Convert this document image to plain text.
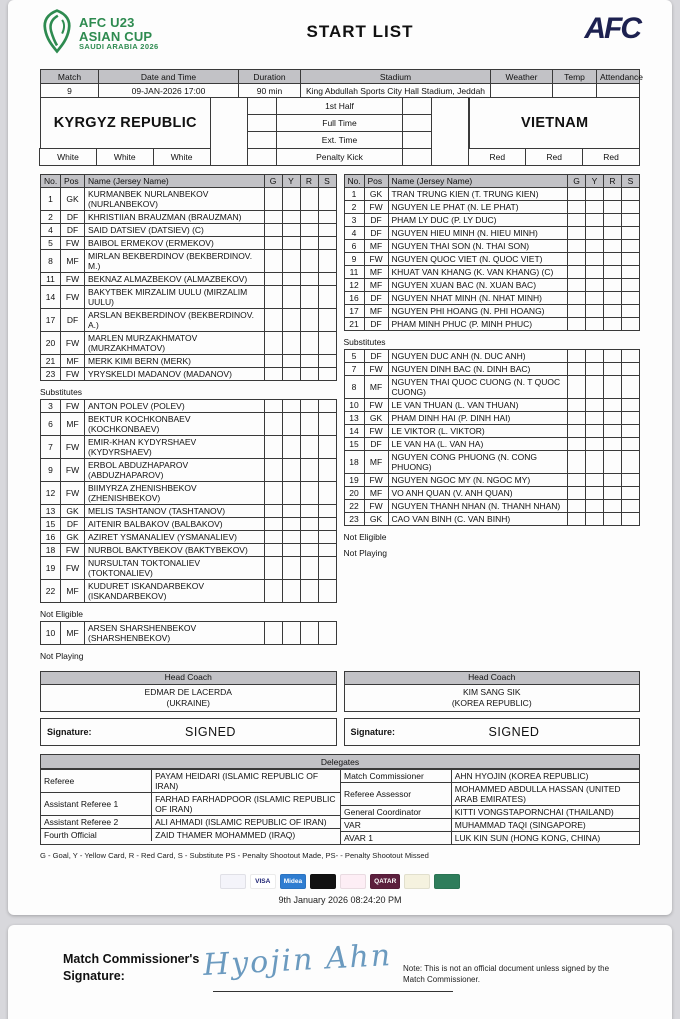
AFC U23
ASIAN CUP
SAUDI ARABIA 2026
START LIST	AFC
Match	Date and Time	Duration	Stadium	Weather	Temp	Attendance
9	09-JAN-2026 17:00	90 min	King Abdullah Sports City Hall Stadium, Jeddah			
KYRGYZ REPUBLIC
White	White	White
1st Half
Full Time
Ext. Time
Penalty Kick
VIETNAM
Red	Red	Red
No.	Pos	Name (Jersey Name)	G	Y	R	S
1	GK	KURMANBEK NURLANBEKOV (NURLANBEKOV)				
2	DF	KHRISTIIAN BRAUZMAN (BRAUZMAN)				
4	DF	SAID DATSIEV (DATSIEV) (C)				
5	FW	BAIBOL ERMEKOV (ERMEKOV)				
8	MF	MIRLAN BEKBERDINOV (BEKBERDINOV. M.)				
11	FW	BEKNAZ ALMAZBEKOV (ALMAZBEKOV)				
14	FW	BAKYTBEK MIRZALIM UULU (MIRZALIM UULU)				
17	DF	ARSLAN BEKBERDINOV (BEKBERDINOV. A.)				
20	FW	MARLEN MURZAKHMATOV (MURZAKHMATOV)				
21	MF	MERK KIMI BERN (MERK)				
23	FW	YRYSKELDI MADANOV (MADANOV)				
Substitutes
3	FW	ANTON POLEV (POLEV)				
6	MF	BEKTUR KOCHKONBAEV (KOCHKONBAEV)				
7	FW	EMIR-KHAN KYDYRSHAEV (KYDYRSHAEV)				
9	FW	ERBOL ABDUZHAPAROV (ABDUZHAPAROV)				
12	FW	BIIMYRZA ZHENISHBEKOV (ZHENISHBEKOV)				
13	GK	MELIS TASHTANOV (TASHTANOV)				
15	DF	AITENIR BALBAKOV (BALBAKOV)				
16	GK	AZIRET YSMANALIEV (YSMANALIEV)				
18	FW	NURBOL BAKTYBEKOV (BAKTYBEKOV)				
19	FW	NURSULTAN TOKTONALIEV (TOKTONALIEV)				
22	MF	KUDURET ISKANDARBEKOV (ISKANDARBEKOV)				
Not Eligible
10	MF	ARSEN SHARSHENBEKOV (SHARSHENBEKOV)				
Not Playing
No.	Pos	Name (Jersey Name)	G	Y	R	S
1	GK	TRAN TRUNG KIEN (T. TRUNG KIEN)				
2	FW	NGUYEN LE PHAT (N. LE PHAT)				
3	DF	PHAM LY DUC (P. LY DUC)				
4	DF	NGUYEN HIEU MINH (N. HIEU MINH)				
6	MF	NGUYEN THAI SON (N. THAI SON)				
9	FW	NGUYEN QUOC VIET (N. QUOC VIET)				
11	MF	KHUAT VAN KHANG (K. VAN KHANG) (C)				
12	MF	NGUYEN XUAN BAC (N. XUAN BAC)				
16	DF	NGUYEN NHAT MINH (N. NHAT MINH)				
17	MF	NGUYEN PHI HOANG (N. PHI HOANG)				
21	DF	PHAM MINH PHUC (P. MINH PHUC)				
Substitutes
5	DF	NGUYEN DUC ANH (N. DUC ANH)				
7	FW	NGUYEN DINH BAC (N. DINH BAC)				
8	MF	NGUYEN THAI QUOC CUONG (N. T QUOC CUONG)				
10	FW	LE VAN THUAN (L. VAN THUAN)				
13	GK	PHAM DINH HAI (P. DINH HAI)				
14	FW	LE VIKTOR (L. VIKTOR)				
15	DF	LE VAN HA (L. VAN HA)				
18	MF	NGUYEN CONG PHUONG (N. CONG PHUONG)				
19	FW	NGUYEN NGOC MY (N. NGOC MY)				
20	MF	VO ANH QUAN (V. ANH QUAN)				
22	FW	NGUYEN THANH NHAN (N. THANH NHAN)				
23	GK	CAO VAN BINH (C. VAN BINH)				
Not Eligible
Not Playing
Head Coach
EDMAR DE LACERDA
(UKRAINE)
Head Coach
KIM SANG SIK
(KOREA REPUBLIC)
Signature:	SIGNED	Signature:	SIGNED
Delegates
Referee	PAYAM HEIDARI (ISLAMIC REPUBLIC OF IRAN)
Assistant Referee 1	FARHAD FARHADPOOR (ISLAMIC REPUBLIC OF IRAN)
Assistant Referee 2	ALI AHMADI (ISLAMIC REPUBLIC OF IRAN)
Fourth Official	ZAID THAMER MOHAMMED (IRAQ)
Match Commissioner	AHN HYOJIN (KOREA REPUBLIC)
Referee Assessor	MOHAMMED ABDULLA HASSAN (UNITED ARAB EMIRATES)
General Coordinator	KITTI VONGSTAPORNCHAI (THAILAND)
VAR	MUHAMMAD TAQI (SINGAPORE)
AVAR 1	LUK KIN SUN (HONG KONG, CHINA)
G - Goal, Y - Yellow Card, R - Red Card, S - Substitute PS - Penalty Shootout Made, PS- - Penalty Shootout Missed
VISA	Midea	QATAR
9th January 2026 08:24:20 PM
Match Commissioner's
Signature:	Hyojin Ahn Note: This is not an official document unless signed by the Match Commissioner.
